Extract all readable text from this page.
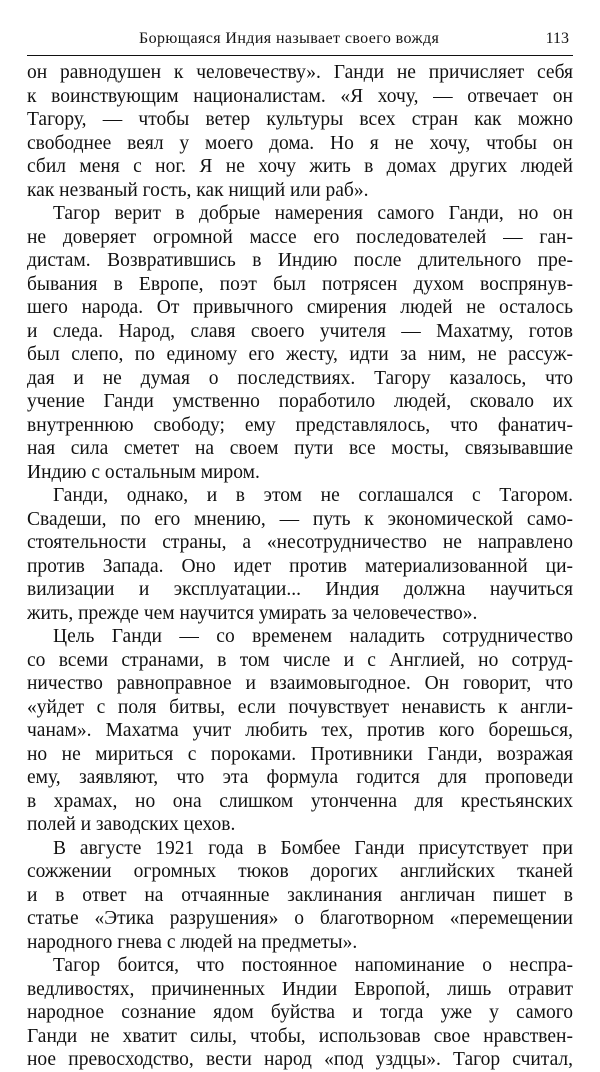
Борющаяся Индия называет своего вождя	113
он равнодушен к человечеству». Ганди не причисляет себя
к воинствующим националистам. «Я хочу, — отвечает он
Тагору, — чтобы ветер культуры всех стран как можно
свободнее веял у моего дома. Но я не хочу, чтобы он
сбил меня с ног. Я не хочу жить в домах других людей
как незваный гость, как нищий или раб».
Тагор верит в добрые намерения самого Ганди, но он
не доверяет огромной массе его последователей — ган-
дистам. Возвратившись в Индию после длительного пре-
бывания в Европе, поэт был потрясен духом воспрянув-
шего народа. От привычного смирения людей не осталось
и следа. Народ, славя своего учителя — Махатму, готов
был слепо, по единому его жесту, идти за ним, не рассуж-
дая и не думая о последствиях. Тагору казалось, что
учение Ганди умственно поработило людей, сковало их
внутреннюю свободу; ему представлялось, что фанатич-
ная сила сметет на своем пути все мосты, связывавшие
Индию с остальным миром.
Ганди, однако, и в этом не соглашался с Тагором.
Свадеши, по его мнению, — путь к экономической само-
стоятельности страны, а «несотрудничество не направлено
против Запада. Оно идет против материализованной ци-
вилизации и эксплуатации... Индия должна научиться
жить, прежде чем научится умирать за человечество».
Цель Ганди — со временем наладить сотрудничество
со всеми странами, в том числе и с Англией, но сотруд-
ничество равноправное и взаимовыгодное. Он говорит, что
«уйдет с поля битвы, если почувствует ненависть к англи-
чанам». Махатма учит любить тех, против кого борешься,
но не мириться с пороками. Противники Ганди, возражая
ему, заявляют, что эта формула годится для проповеди
в храмах, но она слишком утонченна для крестьянских
полей и заводских цехов.
В августе 1921 года в Бомбее Ганди присутствует при
сожжении огромных тюков дорогих английских тканей
и в ответ на отчаянные заклинания англичан пишет в
статье «Этика разрушения» о благотворном «перемещении
народного гнева с людей на предметы».
Тагор боится, что постоянное напоминание о неспра-
ведливостях, причиненных Индии Европой, лишь отравит
народное сознание ядом буйства и тогда уже у самого
Ганди не хватит силы, чтобы, использовав свое нравствен-
ное превосходство, вести народ «под уздцы». Тагор считал,
